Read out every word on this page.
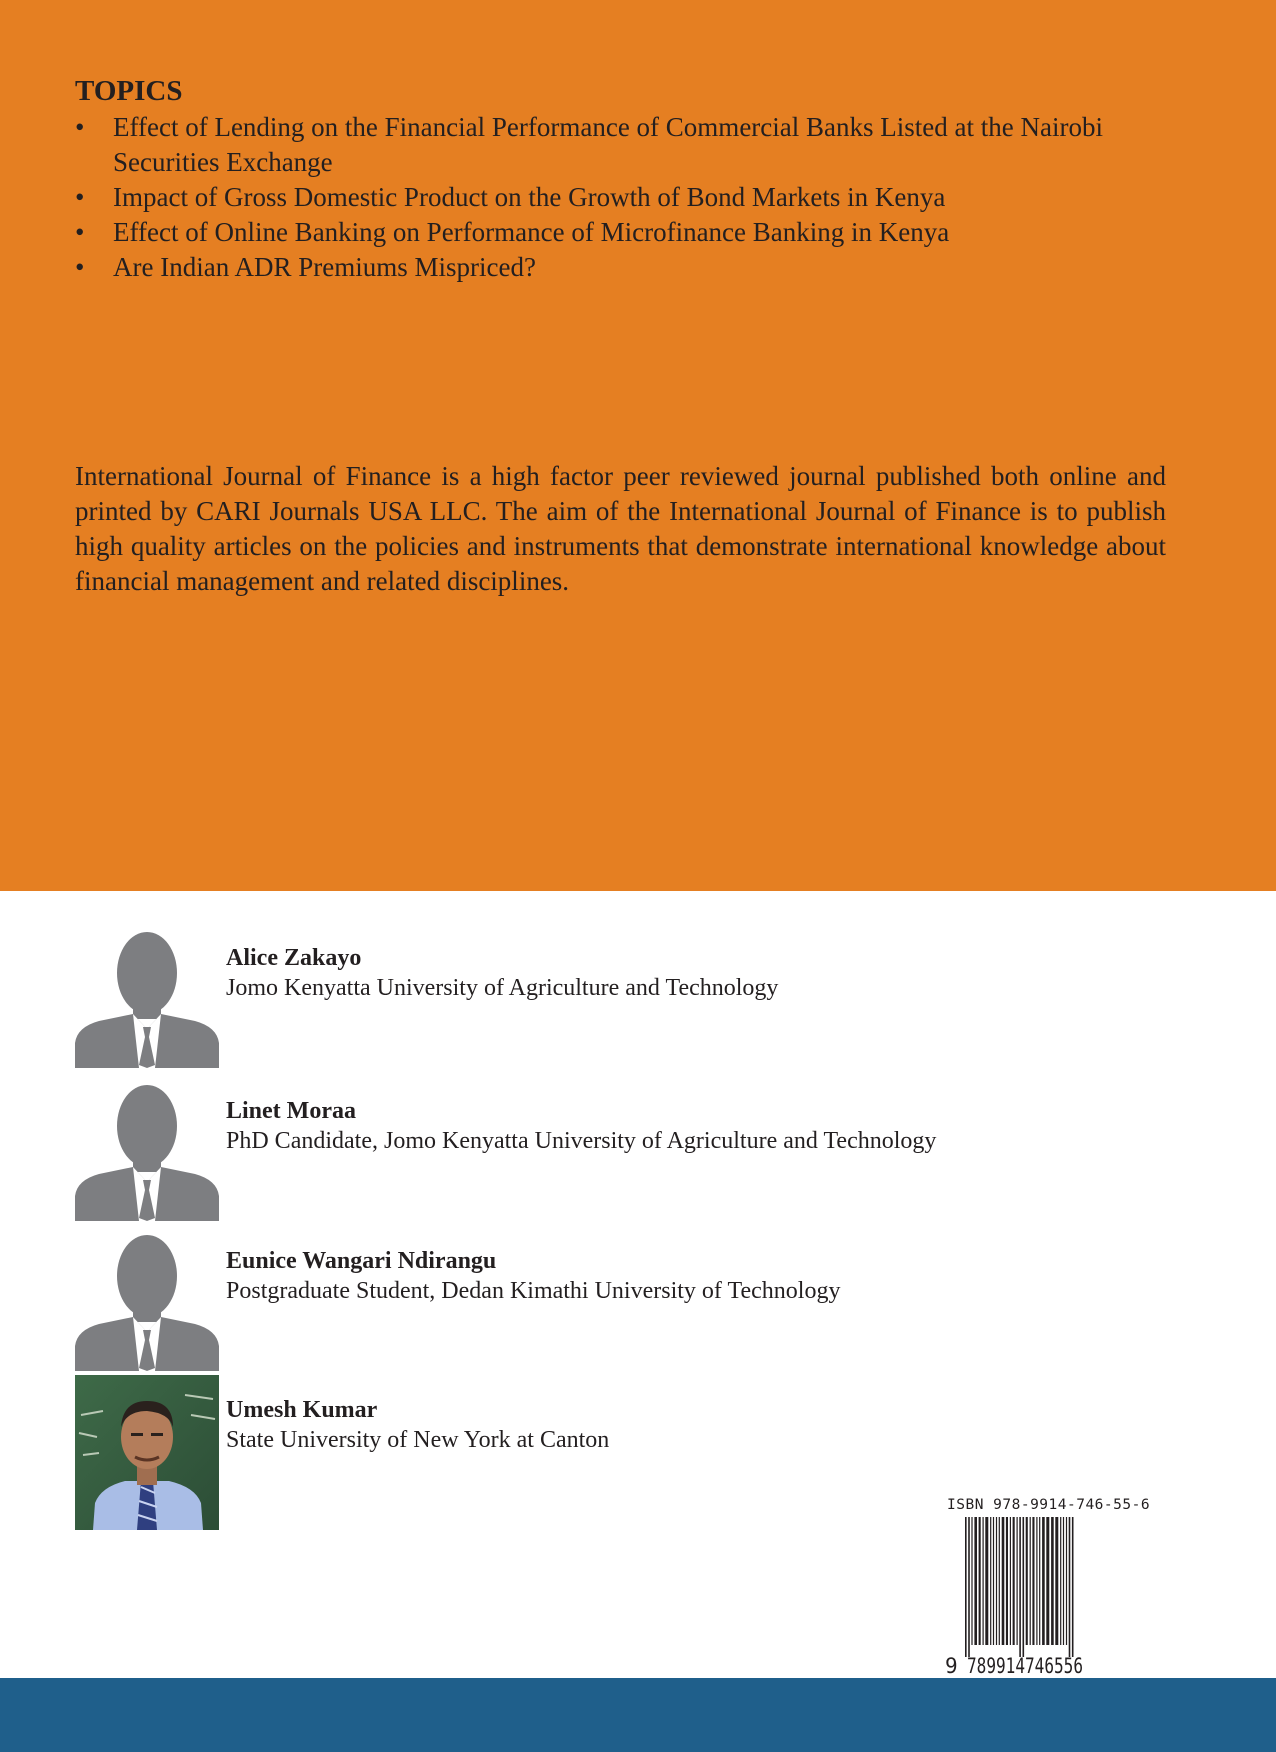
TOPICS
• Effect of Lending on the Financial Performance of Commercial Banks Listed at the Nairobi Securities Exchange
• Impact of Gross Domestic Product on the Growth of Bond Markets in Kenya
• Effect of Online Banking on Performance of Microfinance Banking in Kenya
• Are Indian ADR Premiums Mispriced?
International Journal of Finance is a high factor peer reviewed journal published both online and printed by CARI Journals USA LLC. The aim of the International Journal of Finance is to publish high quality articles on the policies and instruments that demonstrate international knowledge about financial management and related disciplines.
Alice Zakayo
Jomo Kenyatta University of Agriculture and Technology
Linet Moraa
PhD Candidate, Jomo Kenyatta University of Agriculture and Technology
Eunice Wangari Ndirangu
Postgraduate Student, Dedan Kimathi University of Technology
Umesh Kumar
State University of New York at Canton
ISBN 978-9914-746-55-6
9 789914746556
